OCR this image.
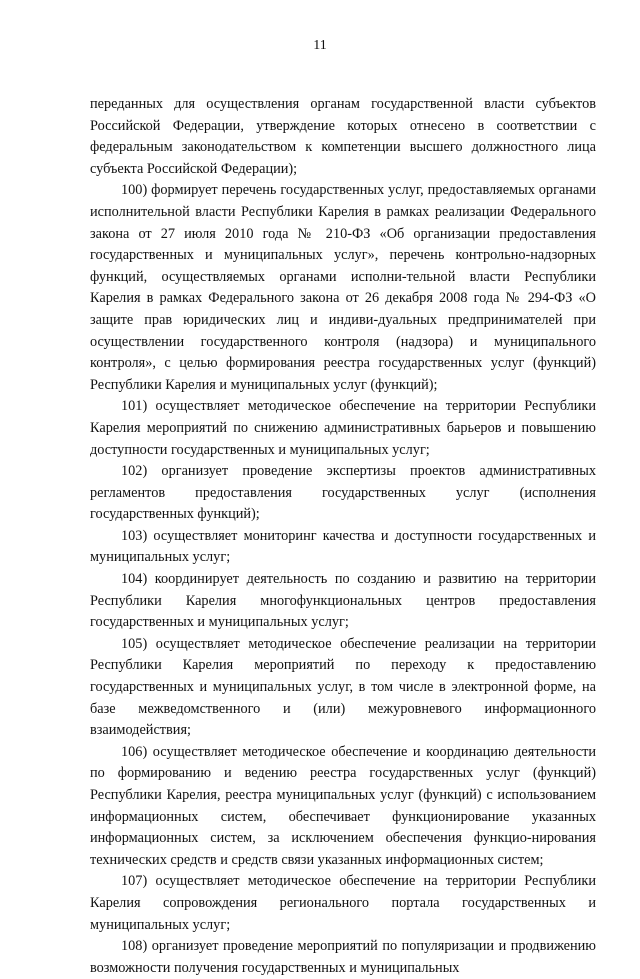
11

переданных для осуществления органам государственной власти субъектов Российской Федерации, утверждение которых отнесено в соответствии с федеральным законодательством к компетенции высшего должностного лица субъекта Российской Федерации);

100) формирует перечень государственных услуг, предоставляемых органами исполнительной власти Республики Карелия в рамках реализации Федерального закона от 27 июля 2010 года № 210-ФЗ «Об организации предоставления государственных и муниципальных услуг», перечень контрольно-надзорных функций, осуществляемых органами исполни-тельной власти Республики Карелия в рамках Федерального закона от 26 декабря 2008 года № 294-ФЗ «О защите прав юридических лиц и индиви-дуальных предпринимателей при осуществлении государственного контроля (надзора) и муниципального контроля», с целью формирования реестра государственных услуг (функций) Республики Карелия и муниципальных услуг (функций);

101) осуществляет методическое обеспечение на территории Республики Карелия мероприятий по снижению административных барьеров и повышению доступности государственных и муниципальных услуг;

102) организует проведение экспертизы проектов административных регламентов предоставления государственных услуг (исполнения государственных функций);

103) осуществляет мониторинг качества и доступности государственных и муниципальных услуг;

104) координирует деятельность по созданию и развитию на территории Республики Карелия многофункциональных центров предоставления государственных и муниципальных услуг;

105) осуществляет методическое обеспечение реализации на территории Республики Карелия мероприятий по переходу к предоставлению государственных и муниципальных услуг, в том числе в электронной форме, на базе межведомственного и (или) межуровневого информационного взаимодействия;

106) осуществляет методическое обеспечение и координацию деятельности по формированию и ведению реестра государственных услуг (функций) Республики Карелия, реестра муниципальных услуг (функций) с использованием информационных систем, обеспечивает функционирование указанных информационных систем, за исключением обеспечения функцио-нирования технических средств и средств связи указанных информационных систем;

107) осуществляет методическое обеспечение на территории Республики Карелия сопровождения регионального портала государственных и муниципальных услуг;

108) организует проведение мероприятий по популяризации и продвижению возможности получения государственных и муниципальных
